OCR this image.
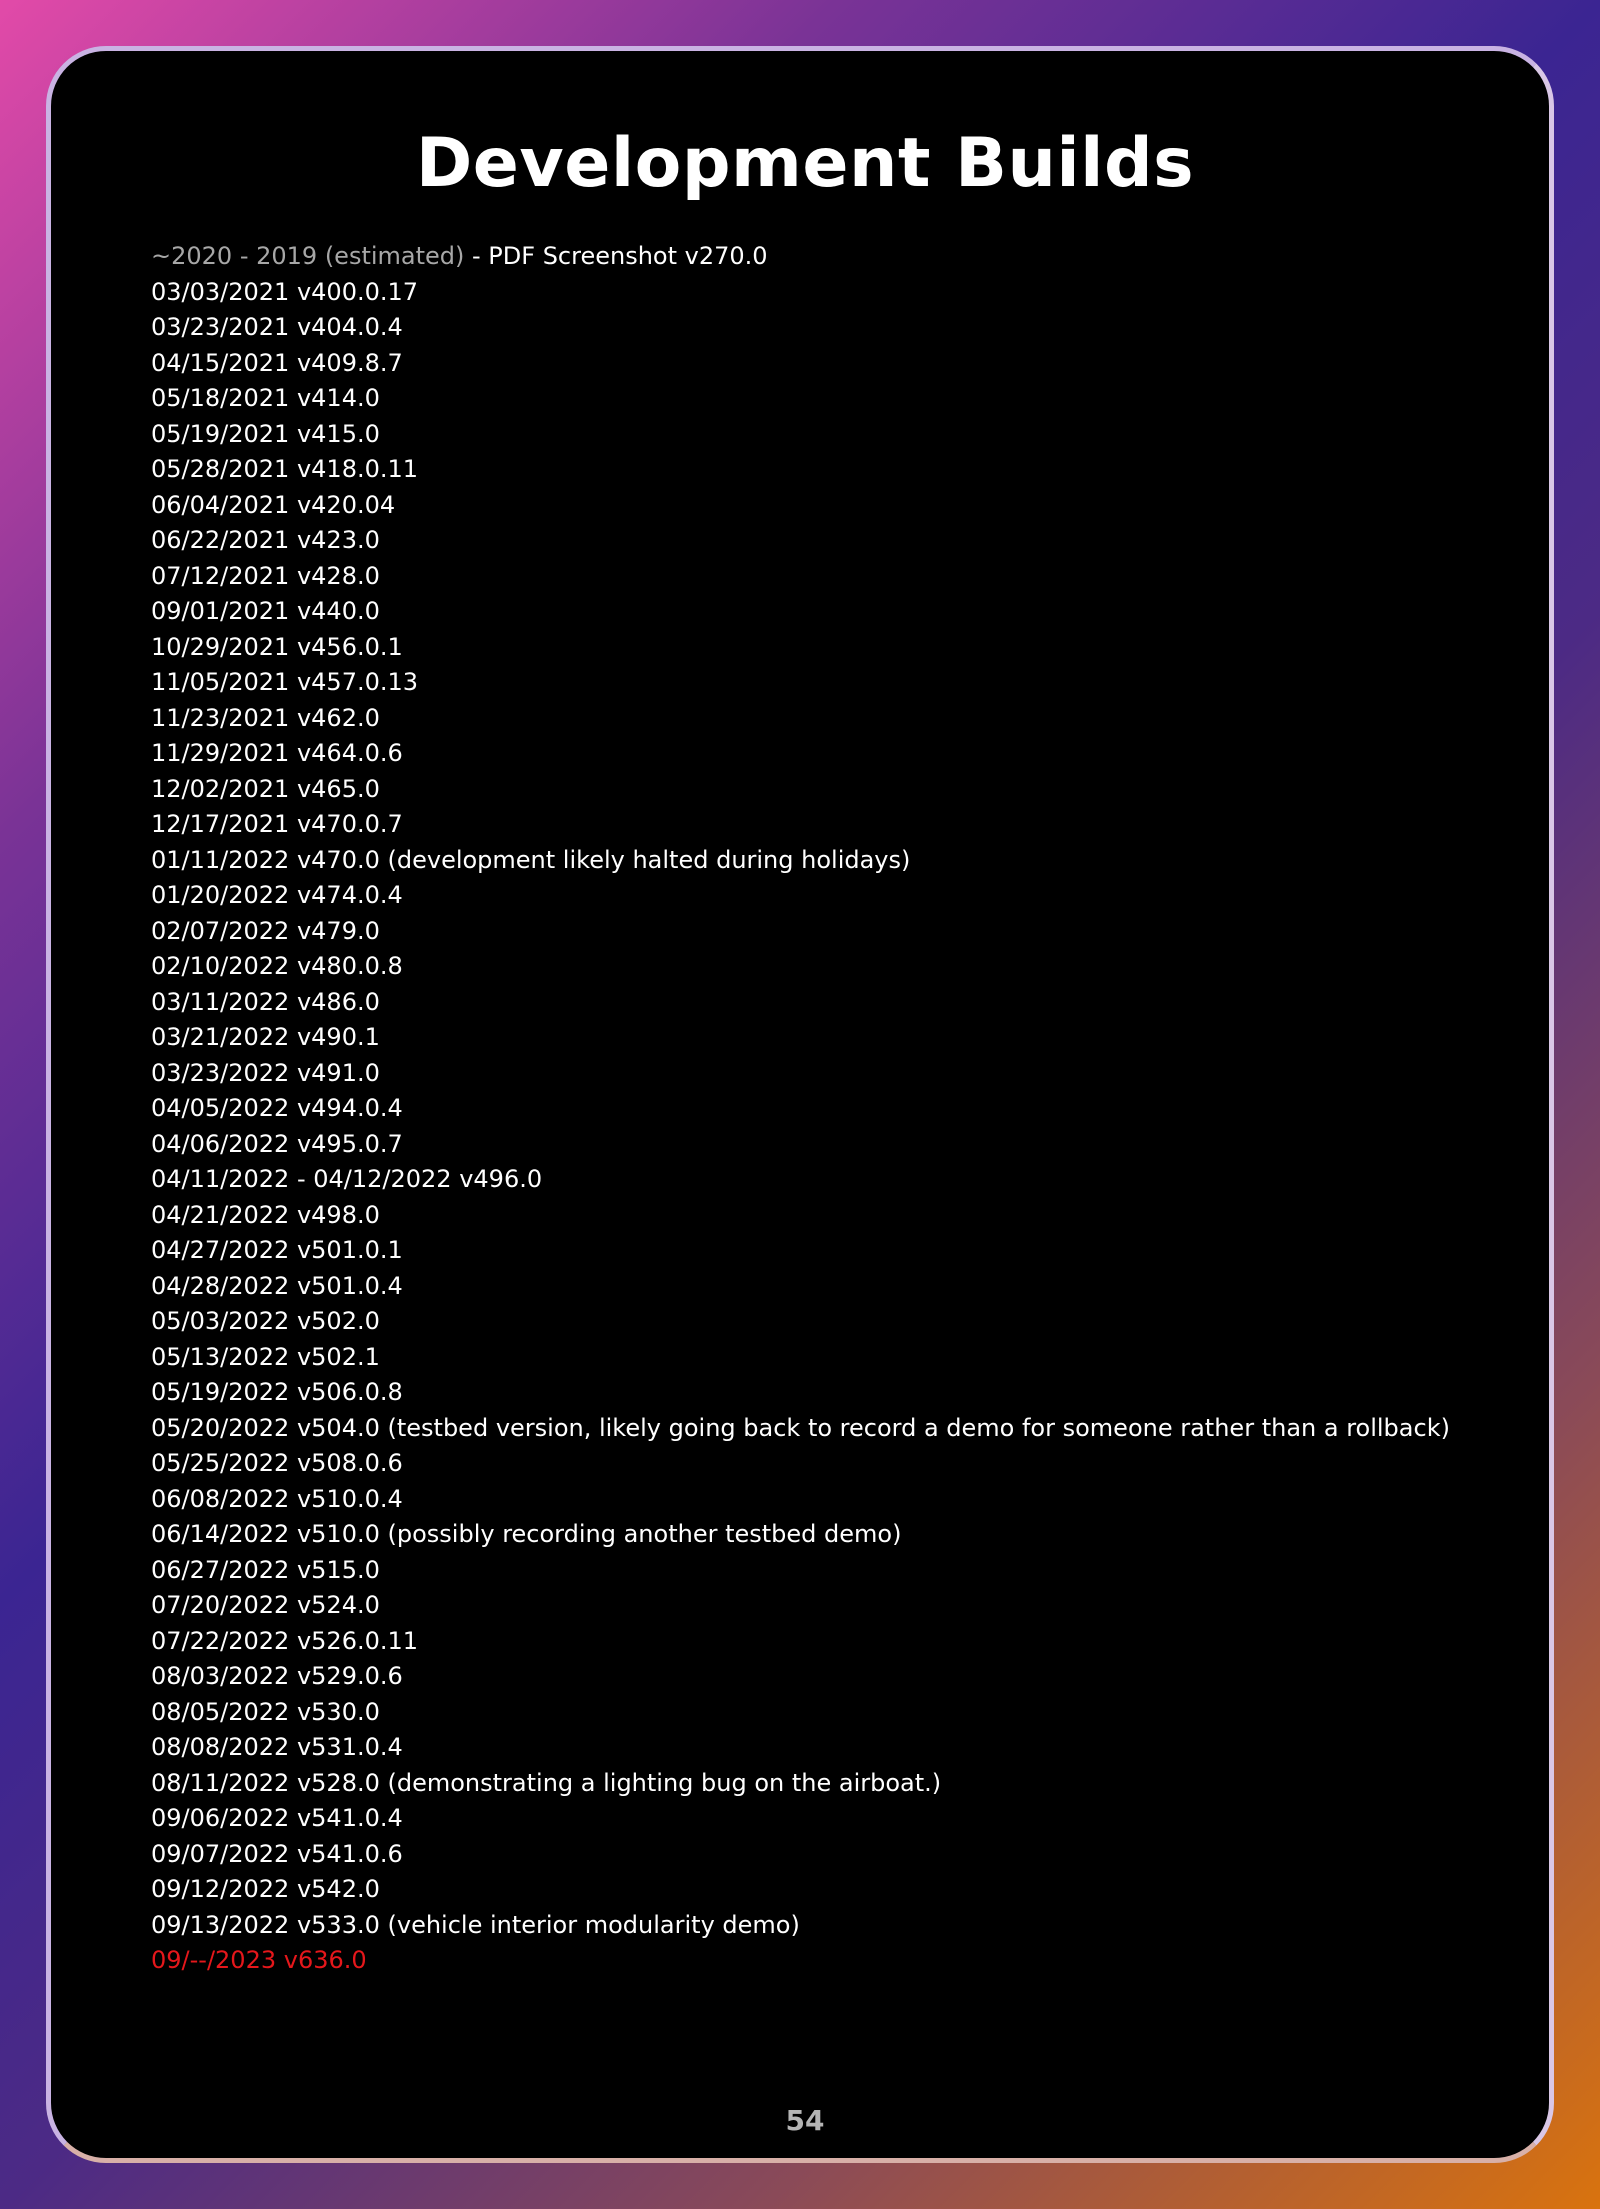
Development Builds
~2020 - 2019 (estimated) - PDF Screenshot v270.0
03/03/2021 v400.0.17
03/23/2021 v404.0.4
04/15/2021 v409.8.7
05/18/2021 v414.0
05/19/2021 v415.0
05/28/2021 v418.0.11
06/04/2021 v420.04
06/22/2021 v423.0
07/12/2021 v428.0
09/01/2021 v440.0
10/29/2021 v456.0.1
11/05/2021 v457.0.13
11/23/2021 v462.0
11/29/2021 v464.0.6
12/02/2021 v465.0
12/17/2021 v470.0.7
01/11/2022 v470.0 (development likely halted during holidays)
01/20/2022 v474.0.4
02/07/2022 v479.0
02/10/2022 v480.0.8
03/11/2022 v486.0
03/21/2022 v490.1
03/23/2022 v491.0
04/05/2022 v494.0.4
04/06/2022 v495.0.7
04/11/2022 - 04/12/2022 v496.0
04/21/2022 v498.0
04/27/2022 v501.0.1
04/28/2022 v501.0.4
05/03/2022 v502.0
05/13/2022 v502.1
05/19/2022 v506.0.8
05/20/2022 v504.0 (testbed version, likely going back to record a demo for someone rather than a rollback)
05/25/2022 v508.0.6
06/08/2022 v510.0.4
06/14/2022 v510.0 (possibly recording another testbed demo)
06/27/2022 v515.0
07/20/2022 v524.0
07/22/2022 v526.0.11
08/03/2022 v529.0.6
08/05/2022 v530.0
08/08/2022 v531.0.4
08/11/2022 v528.0 (demonstrating a lighting bug on the airboat.)
09/06/2022 v541.0.4
09/07/2022 v541.0.6
09/12/2022 v542.0
09/13/2022 v533.0 (vehicle interior modularity demo)
09/--/2023 v636.0
54
